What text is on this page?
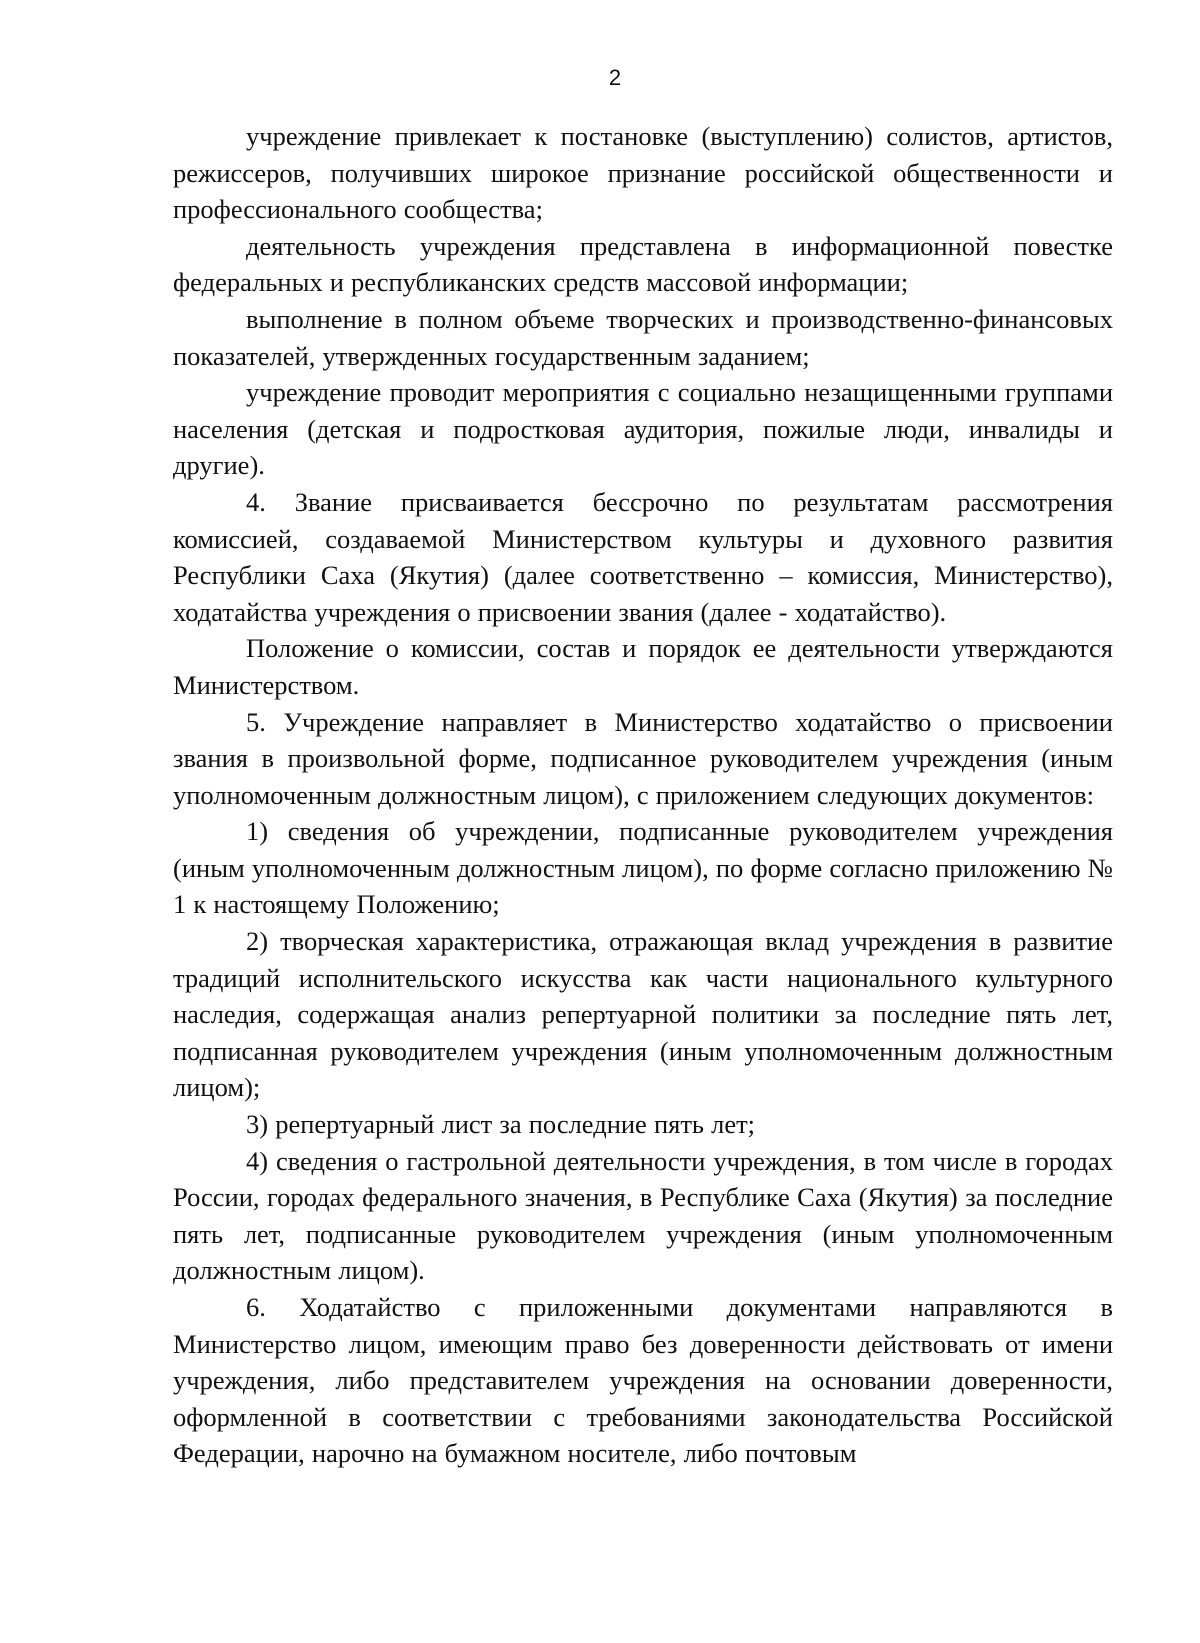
2

учреждение привлекает к постановке (выступлению) солистов, артистов, режиссеров, получивших широкое признание российской общественности и профессионального сообщества;

деятельность учреждения представлена в информационной повестке федеральных и республиканских средств массовой информации;

выполнение в полном объеме творческих и производственно-финансовых показателей, утвержденных государственным заданием;

учреждение проводит мероприятия с социально незащищенными группами населения (детская и подростковая аудитория, пожилые люди, инвалиды и другие).

4. Звание присваивается бессрочно по результатам рассмотрения комиссией, создаваемой Министерством культуры и духовного развития Республики Саха (Якутия) (далее соответственно – комиссия, Министерство), ходатайства учреждения о присвоении звания (далее - ходатайство).

Положение о комиссии, состав и порядок ее деятельности утверждаются Министерством.

5. Учреждение направляет в Министерство ходатайство о присвоении звания в произвольной форме, подписанное руководителем учреждения (иным уполномоченным должностным лицом), с приложением следующих документов:

1) сведения об учреждении, подписанные руководителем учреждения (иным уполномоченным должностным лицом), по форме согласно приложению № 1 к настоящему Положению;

2) творческая характеристика, отражающая вклад учреждения в развитие традиций исполнительского искусства как части национального культурного наследия, содержащая анализ репертуарной политики за последние пять лет, подписанная руководителем учреждения (иным уполномоченным должностным лицом);

3) репертуарный лист за последние пять лет;

4) сведения о гастрольной деятельности учреждения, в том числе в городах России, городах федерального значения, в Республике Саха (Якутия) за последние пять лет, подписанные руководителем учреждения (иным уполномоченным должностным лицом).

6. Ходатайство с приложенными документами направляются в Министерство лицом, имеющим право без доверенности действовать от имени учреждения, либо представителем учреждения на основании доверенности, оформленной в соответствии с требованиями законодательства Российской Федерации, нарочно на бумажном носителе, либо почтовым
